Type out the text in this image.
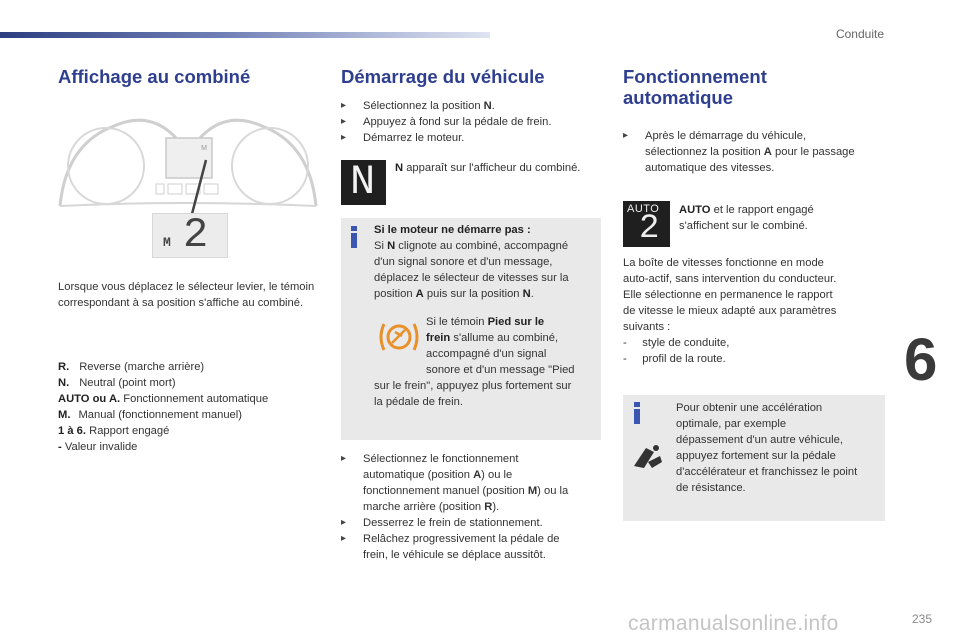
Conduite
Affichage au combiné
M
M 2
Lorsque vous déplacez le sélecteur levier, le témoin correspondant à sa position s'affiche au combiné.
R. Reverse (marche arrière)
N. Neutral (point mort)
AUTO ou A. Fonctionnement automatique
M. Manual (fonctionnement manuel)
1 à 6. Rapport engagé
- Valeur invalide
Démarrage du véhicule
▸ Sélectionnez la position N.
▸ Appuyez à fond sur la pédale de frein.
▸ Démarrez le moteur.
N N apparaît sur l'afficheur du combiné.
Si le moteur ne démarre pas :
Si N clignote au combiné, accompagné
d'un signal sonore et d'un message,
déplacez le sélecteur de vitesses sur la
position A puis sur la position N.
Si le témoin Pied sur le
frein s'allume au combiné,
accompagné d'un signal
sonore et d'un message "Pied
sur le frein", appuyez plus fortement sur
la pédale de frein.
▸ Sélectionnez le fonctionnement
automatique (position A) ou le
fonctionnement manuel (position M) ou la
marche arrière (position R).
▸ Desserrez le frein de stationnement.
▸ Relâchez progressivement la pédale de
frein, le véhicule se déplace aussitôt.
Fonctionnement
automatique
▸ Après le démarrage du véhicule,
sélectionnez la position A pour le passage
automatique des vitesses.
AUTO
2 AUTO et le rapport engagé
s'affichent sur le combiné.
La boîte de vitesses fonctionne en mode
auto-actif, sans intervention du conducteur.
Elle sélectionne en permanence le rapport
de vitesse le mieux adapté aux paramètres
suivants :
-     style de conduite,
-     profil de la route.
Pour obtenir une accélération
optimale, par exemple
dépassement d'un autre véhicule,
appuyez fortement sur la pédale
d'accélérateur et franchissez le point
de résistance.
6
carmanualsonline.info	235
